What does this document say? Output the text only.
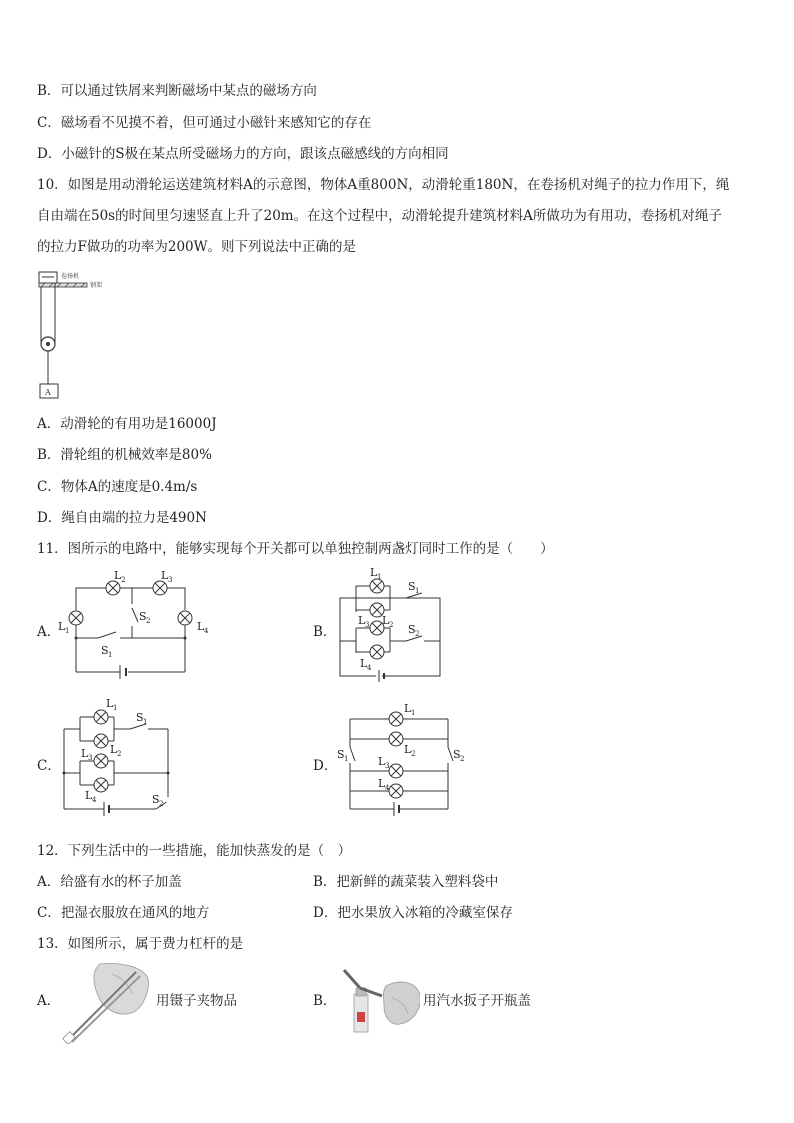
B．可以通过铁屑来判断磁场中某点的磁场方向
C．磁场看不见摸不着，但可通过小磁针来感知它的存在
D．小磁针的S极在某点所受磁场力的方向，跟该点磁感线的方向相同
10．如图是用动滑轮运送建筑材料A的示意图，物体A重800N，动滑轮重180N，在卷扬机对绳子的拉力作用下，绳
自由端在50s的时间里匀速竖直上升了20m。在这个过程中，动滑轮提升建筑材料A所做功为有用功，卷扬机对绳子
的拉力F做功的功率为200W。则下列说法中正确的是
卷扬机
钢架
A
A．动滑轮的有用功是16000J
B．滑轮组的机械效率是80%
C．物体A的速度是0.4m/s
D．绳自由端的拉力是490N
11．图所示的电路中，能够实现每个开关都可以单独控制两盏灯同时工作的是（　　）
A．
L 1
L 2	L 3
L 4
S 2
S 1
B．
L 1
L 2
L 3
L 4
S 1
S 2
C．
L 1
L 2
L 3
L 4
S 1
S 2
D．
L 1
L 2
L 3
L 4
S 1	S 2
12．下列生活中的一些措施，能加快蒸发的是（　）
A．给盛有水的杯子加盖	B．把新鲜的蔬菜装入塑料袋中
C．把湿衣服放在通风的地方	D．把水果放入冰箱的冷藏室保存
13．如图所示，属于费力杠杆的是
A．	用镊子夹物品	B．	用汽水扳子开瓶盖
